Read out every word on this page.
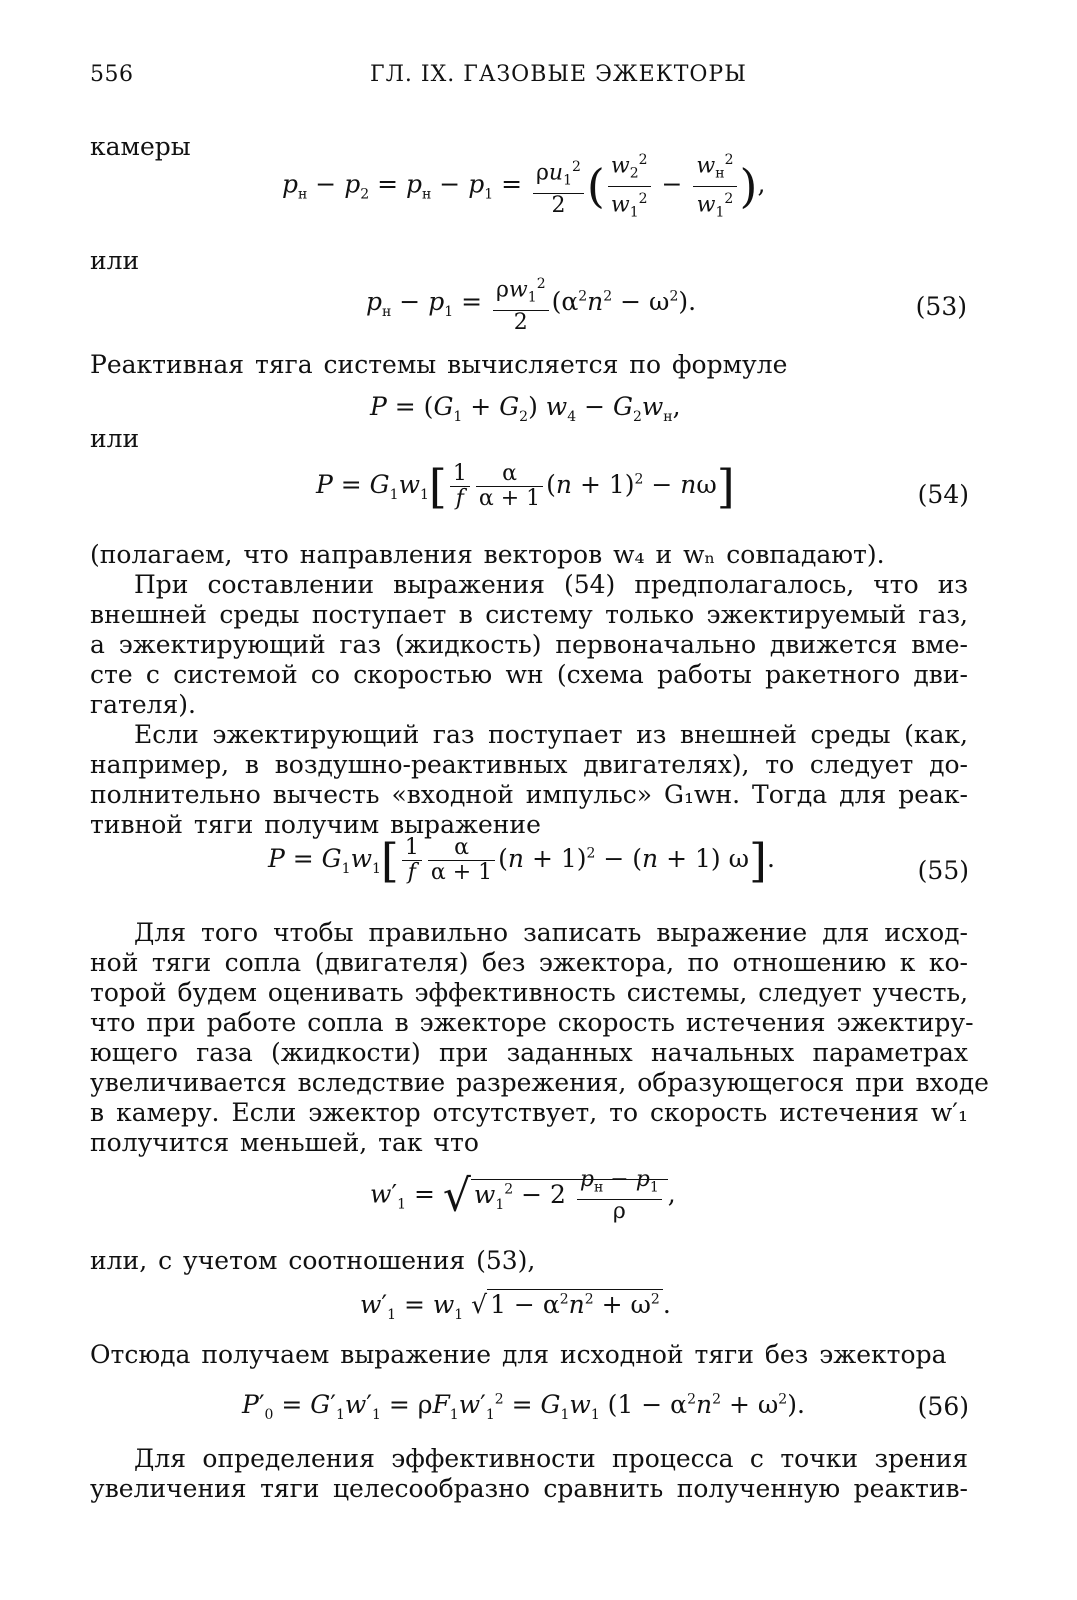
556	ГЛ. IX. ГАЗОВЫЕ ЭЖЕКТОРЫ
камеры
$p_н - p_2 = p_н - p_1 = \frac{\rho u_1^2}{2}$ ( $\frac{w_2^2}{w_1^2} - \frac{w_н^2}{w_1^2}$ ),
или
$p_н - p_1 = \frac{\rho w_1^2}{2} (\alpha^2n^2 - \omega^2)$.	(53)
Реактивная тяга системы вычисляется по формуле
$P = (G_1 + G_2) w_4 - G_2w_н$,
или
$P = G_1w_1[ \frac{1}{f} \frac{\alpha}{\alpha + 1} (n + 1)^2 - n\omega]$	(54)
(полагаем, что направления векторов w₄ и wₙ совпадают).
При составлении выражения (54) предполагалось, что из
внешней среды поступает в систему только эжектируемый газ,
а эжектирующий газ (жидкость) первоначально движется вме-
сте с системой со скоростью wн (схема работы ракетного дви-
гателя).
Если эжектирующий газ поступает из внешней среды (как,
например, в воздушно-реактивных двигателях), то следует до-
полнительно вычесть «входной импульс» G₁wн. Тогда для реак-
тивной тяги получим выражение
$P = G_1w_1[ \frac{1}{f} \frac{\alpha}{\alpha + 1} (n + 1)^2 - (n + 1)$ ω].	(55)
Для того чтобы правильно записать выражение для исход-
ной тяги сопла (двигателя) без эжектора, по отношению к ко-
торой будем оценивать эффективность системы, следует учесть,
что при работе сопла в эжекторе скорость истечения эжектиру-
ющего газа (жидкости) при заданных начальных параметрах
увеличивается вследствие разрежения, образующегося при входе
в камеру. Если эжектор отсутствует, то скорость истечения w′₁
получится меньшей, так что
$w'_1$ = √ $w_1^2 - 2 \frac{p_н - p_1}{\rho}$ ,
или, с учетом соотношения (53),
$w'_1 = w_1$ √ $1 - \alpha^2n^2 + \omega^2$ .
Отсюда получаем выражение для исходной тяги без эжектора
$P'_0 = G'_1w'_1 = \rho F_1w'_1^2 = G_1w_1$ $(1 - \alpha^2n^2 + \omega^2)$.	(56)
Для определения эффективности процесса с точки зрения
увеличения тяги целесообразно сравнить полученную реактив-
